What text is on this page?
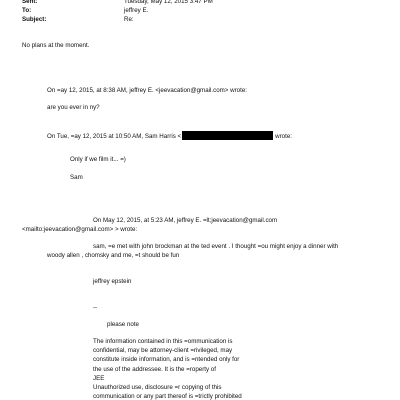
Sent:	Tuesday, May 12, 2015 3:47 PM
To:	jeffrey E.
Subject:	Re:
No plans at the moment.
On =ay 12, 2015, at 8:38 AM, jeffrey E. <jeevacation@gmail.com> wrote:
are you ever in ny?
On Tue, =ay 12, 2015 at 10:50 AM, Sam Harris <	wrote:
Only if we film it... =)
Sam
On May 12, 2015, at 5:23 AM, jeffrey E. =lt;jeevacation@gmail.com
<mailto:jeevacation@gmail.com> > wrote:
sam, =e met with john brockman at the ted event . I thought =ou might enjoy a dinner with
woody allen , chomsky and me, =t should be fun
jeffrey epstein
--
please note
The information contained in this =ommunication is
confidential, may be attorney-client =rivileged, may
constitute inside information, and is =ntended only for
the use of the addressee. It is the =roperty of
JEE
Unauthorized use, disclosure =r copying of this
communication or any part thereof is =trictly prohibited
